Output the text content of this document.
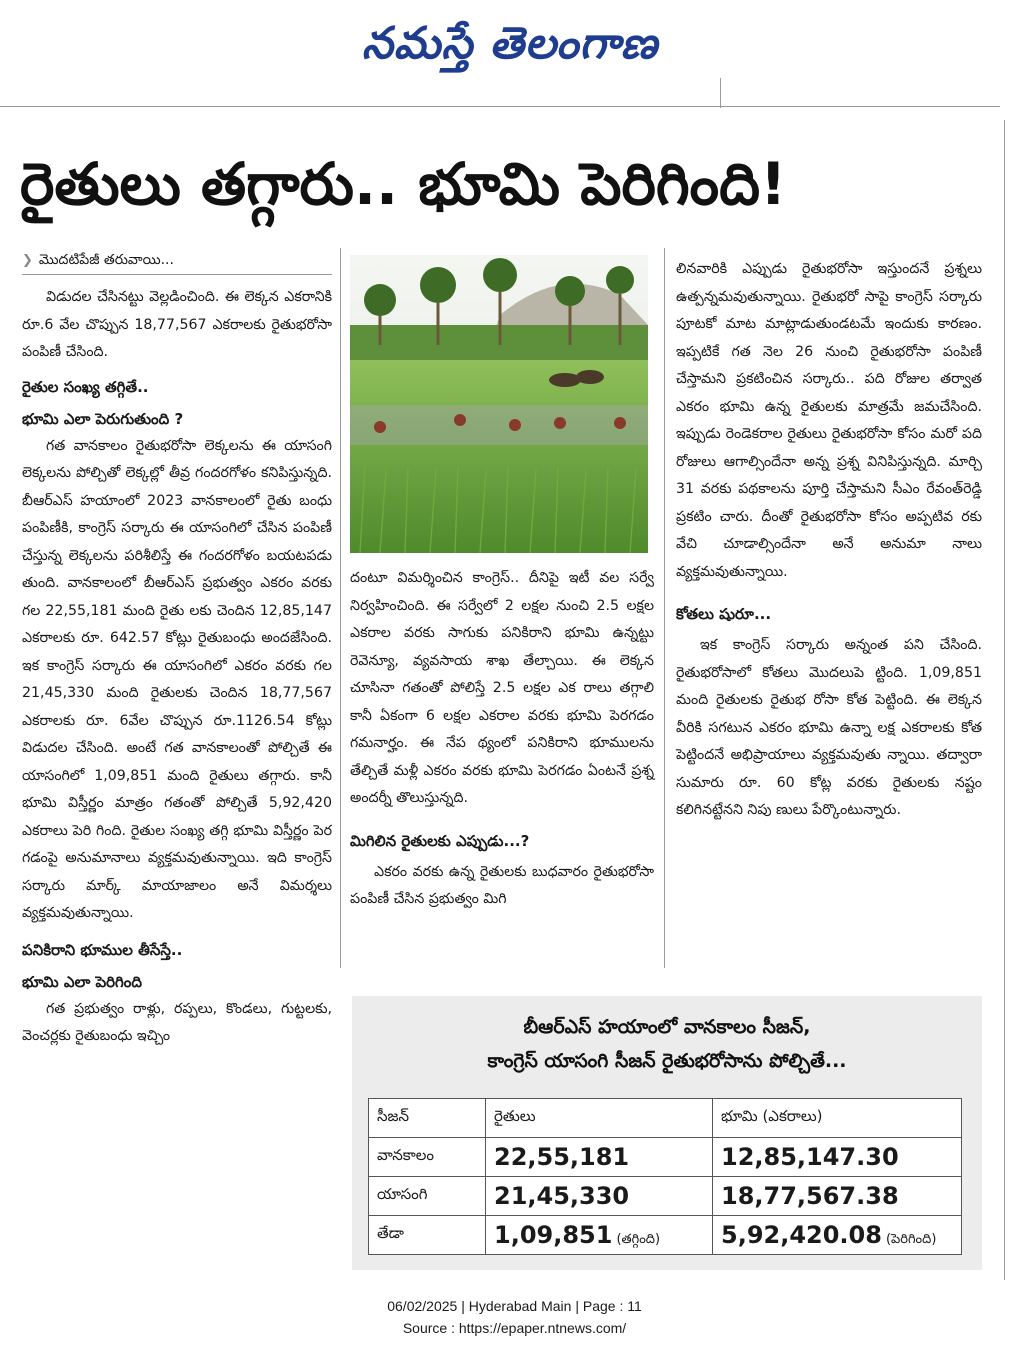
నమస్తే తెలంగాణ
రైతులు తగ్గారు.. భూమి పెరిగింది!
❯ మొదటిపేజీ తరువాయి...

విడుదల చేసినట్టు వెల్లడించింది. ఈ లెక్కన ఎకరానికి రూ.6 వేల చొప్పున 18,77,567 ఎకరాలకు రైతుభరోసా పంపిణీ చేసింది.

రైతుల సంఖ్య తగ్గితే..
భూమి ఎలా పెరుగుతుంది ?

గత వానకాలం రైతుభరోసా లెక్కలను ఈ యాసంగి లెక్కలను పోల్చితో లెక్కల్లో తీవ్ర గందరగోళం కనిపిస్తున్నది. బీఆర్ఎస్ హయాంలో 2023 వానకాలంలో రైతు బంధు పంపిణీకి, కాంగ్రెస్ సర్కారు ఈ యాసంగిలో చేసిన పంపిణీ చేస్తున్న లెక్కలను పరిశీలిస్తే ఈ గందరగోళం బయటపడు తుంది. వానకాలంలో బీఆర్ఎస్ ప్రభుత్వం ఎకరం వరకు గల 22,55,181 మంది రైతు లకు చెందిన 12,85,147 ఎకరాలకు రూ. 642.57 కోట్లు రైతుబంధు అందజేసింది. ఇక కాంగ్రెస్ సర్కారు ఈ యాసంగిలో ఎకరం వరకు గల 21,45,330 మంది రైతులకు చెందిన 18,77,567 ఎకరాలకు రూ. 6వేల చొప్పున రూ.1126.54 కోట్లు విడుదల చేసింది. అంటే గత వానకాలంతో పోల్చితే ఈ యాసంగిలో 1,09,851 మంది రైతులు తగ్గారు. కానీ భూమి విస్తీర్ణం మాత్రం గతంతో పోల్చితే 5,92,420 ఎకరాలు పెరి గింది. రైతుల సంఖ్య తగ్గి భూమి విస్తీర్ణం పెర గడంపై అనుమానాలు వ్యక్తమవుతున్నాయి. ఇది కాంగ్రెస్ సర్కారు మార్క్ మాయాజాలం అనే విమర్శలు వ్యక్తమవుతున్నాయి.

పనికిరాని భూముల తీసేస్తే..
భూమి ఎలా పెరిగింది

గత ప్రభుత్వం రాళ్లు, రప్పలు, కొండలు, గుట్టలకు, వెంచర్లకు రైతుబంధు ఇచ్చిం

దంటూ విమర్శించిన కాంగ్రెస్.. దీనిపై ఇటీ వల సర్వే నిర్వహించింది. ఈ సర్వేలో 2 లక్షల నుంచి 2.5 లక్షల ఎకరాల వరకు సాగుకు పనికిరాని భూమి ఉన్నట్టు రెవెన్యూ, వ్యవసాయ శాఖ తేల్చాయి. ఈ లెక్కన చూసినా గతంతో పోలిస్తే 2.5 లక్షల ఎక రాలు తగ్గాలి కానీ ఏకంగా 6 లక్షల ఎకరాల వరకు భూమి పెరగడం గమనార్హం. ఈ నేప థ్యంలో పనికిరాని భూములను తేల్చితే మళ్లీ ఎకరం వరకు భూమి పెరగడం ఏంటనే ప్రశ్న అందర్నీ తొలుస్తున్నది.

మిగిలిన రైతులకు ఎప్పుడు...?

ఎకరం వరకు ఉన్న రైతులకు బుధవారం రైతుభరోసా పంపిణీ చేసిన ప్రభుత్వం మిగి

లినవారికి ఎప్పుడు రైతుభరోసా ఇస్తుందనే ప్రశ్నలు ఉత్పన్నమవుతున్నాయి. రైతుభరో సాపై కాంగ్రెస్ సర్కారు పూటకో మాట మాట్లాడుతుండటమే ఇందుకు కారణం. ఇప్పటికే గత నెల 26 నుంచి రైతుభరోసా పంపిణీ చేస్తామని ప్రకటించిన సర్కారు.. పది రోజుల తర్వాత ఎకరం భూమి ఉన్న రైతులకు మాత్రమే జమచేసింది. ఇప్పుడు రెండెకరాల రైతులు రైతుభరోసా కోసం మరో పది రోజులు ఆగాల్సిందేనా అన్న ప్రశ్న వినిపిస్తున్నది. మార్చి 31 వరకు పథకాలను పూర్తి చేస్తామని సీఎం రేవంత్‌రెడ్డి ప్రకటిం చారు. దీంతో రైతుభరోసా కోసం అప్పటివ రకు వేచి చూడాల్సిందేనా అనే అనుమా నాలు వ్యక్తమవుతున్నాయి.

కోతలు షురూ...

ఇక కాంగ్రెస్ సర్కారు అన్నంత పని చేసింది. రైతుభరోసాలో కోతలు మొదలుపె ట్టింది. 1,09,851 మంది రైతులకు రైతుభ రోసా కోత పెట్టింది. ఈ లెక్కన వీరికి సగటున ఎకరం భూమి ఉన్నా లక్ష ఎకరాలకు కోత పెట్టిందనే అభిప్రాయాలు వ్యక్తమవుతు న్నాయి. తద్వారా సుమారు రూ. 60 కోట్ల వరకు రైతులకు నష్టం కలిగినట్టేనని నిపు ణులు పేర్కొంటున్నారు.

బీఆర్ఎస్ హయాంలో వానకాలం సీజన్,
కాంగ్రెస్ యాసంగి సీజన్ రైతుభరోసాను పోల్చితే...
సీజన్	రైతులు	భూమి (ఎకరాలు)
వానకాలం	22,55,181	12,85,147.30
యాసంగి	21,45,330	18,77,567.38
తేడా	1,09,851 (తగ్గింది)	5,92,420.08 (పెరిగింది)
06/02/2025 | Hyderabad Main | Page : 11
Source : https://epaper.ntnews.com/
